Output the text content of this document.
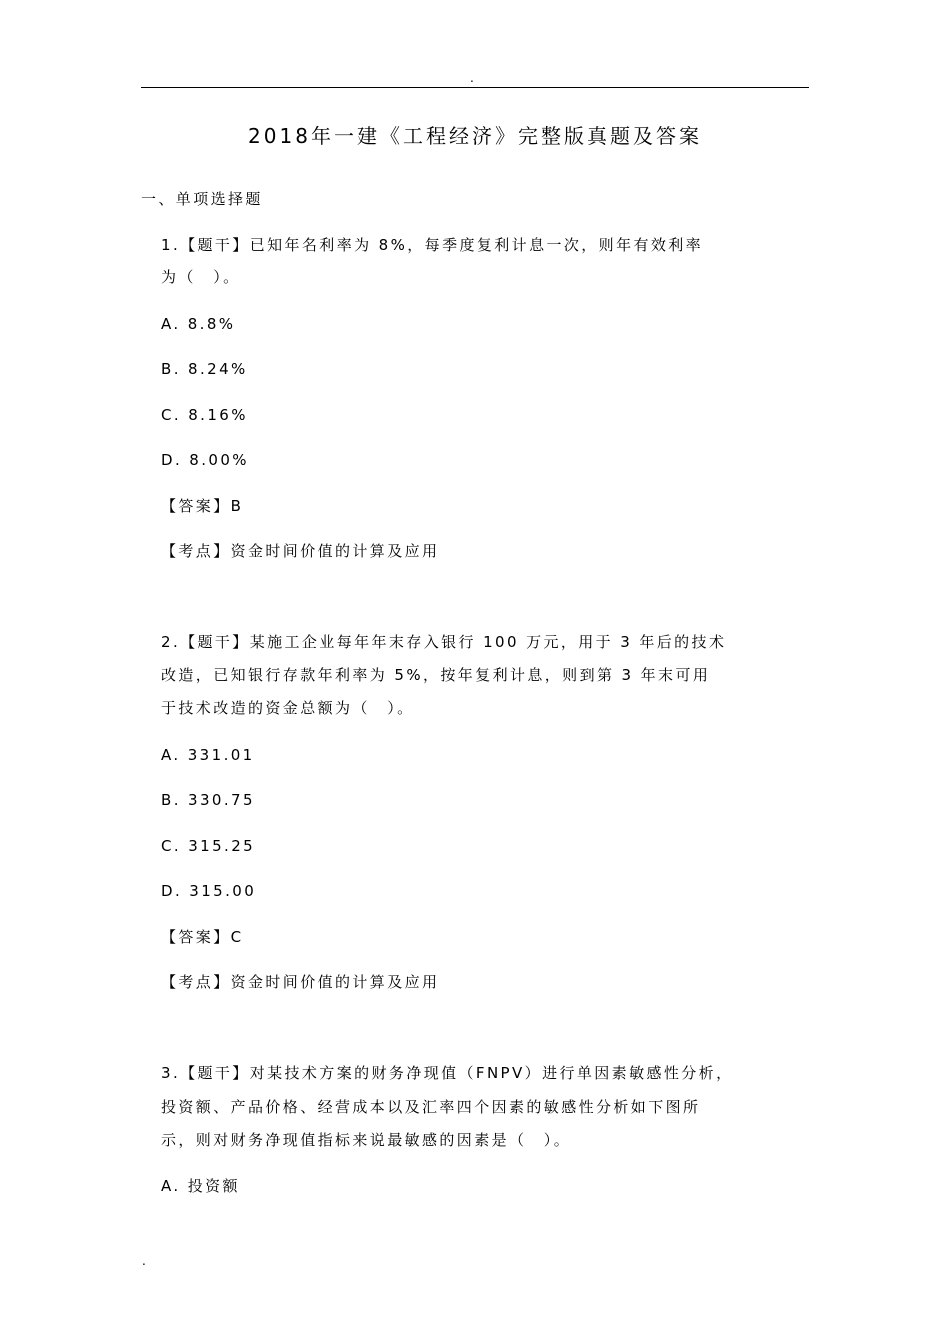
.
2018年一建《工程经济》完整版真题及答案
一、单项选择题
1.【题干】已知年名利率为 8%，每季度复利计息一次，则年有效利率
为（　）。
A. 8.8%
B. 8.24%
C. 8.16%
D. 8.00%
【答案】B
【考点】资金时间价值的计算及应用
2.【题干】某施工企业每年年末存入银行 100 万元，用于 3 年后的技术
改造，已知银行存款年利率为 5%，按年复利计息，则到第 3 年末可用
于技术改造的资金总额为（　）。
A. 331.01
B. 330.75
C. 315.25
D. 315.00
【答案】C
【考点】资金时间价值的计算及应用
3.【题干】对某技术方案的财务净现值（FNPV）进行单因素敏感性分析，
投资额、产品价格、经营成本以及汇率四个因素的敏感性分析如下图所
示，则对财务净现值指标来说最敏感的因素是（　）。
A. 投资额
.
